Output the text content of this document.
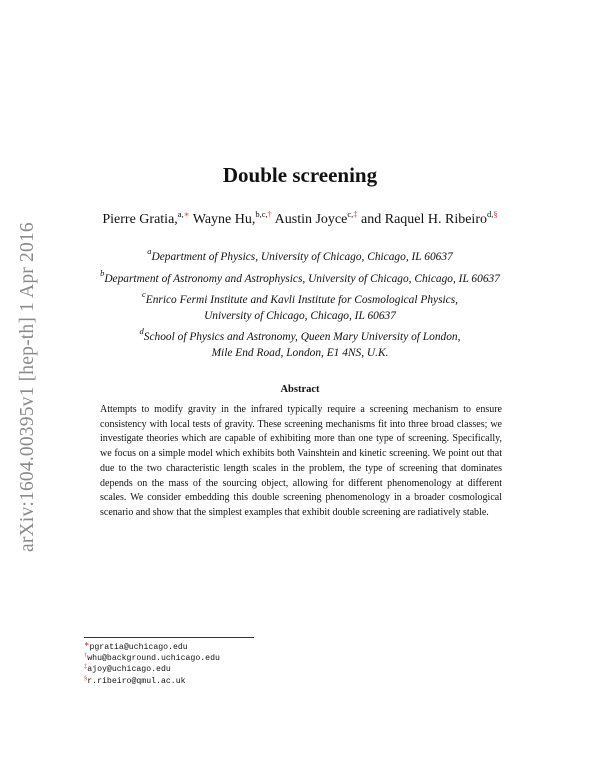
arXiv:1604.00395v1 [hep-th] 1 Apr 2016
Double screening
Pierre Gratia,$^{a,∗}$ Wayne Hu,$^{b,c,\dagger}$ Austin Joyce$^{c,\ddagger}$ and Raquel H. Ribeiro$^{d,\S}$
$^a$Department of Physics, University of Chicago, Chicago, IL 60637
$^b$Department of Astronomy and Astrophysics, University of Chicago, Chicago, IL 60637
$^c$Enrico Fermi Institute and Kavli Institute for Cosmological Physics,
University of Chicago, Chicago, IL 60637
$^d$School of Physics and Astronomy, Queen Mary University of London,
Mile End Road, London, E1 4NS, U.K.
Abstract
Attempts to modify gravity in the infrared typically require a screening mechanism to ensure consistency with local tests of gravity. These screening mechanisms fit into three broad classes; we investigate theories which are capable of exhibiting more than one type of screening. Specifically, we focus on a simple model which exhibits both Vainshtein and kinetic screening. We point out that due to the two characteristic length scales in the problem, the type of screening that dominates depends on the mass of the sourcing object, allowing for different phenomenology at different scales. We consider embedding this double screening phenomenology in a broader cosmological scenario and show that the simplest examples that exhibit double screening are radiatively stable.
∗pgratia@uchicago.edu
†whu@background.uchicago.edu
‡ajoy@uchicago.edu
§r.ribeiro@qmul.ac.uk
